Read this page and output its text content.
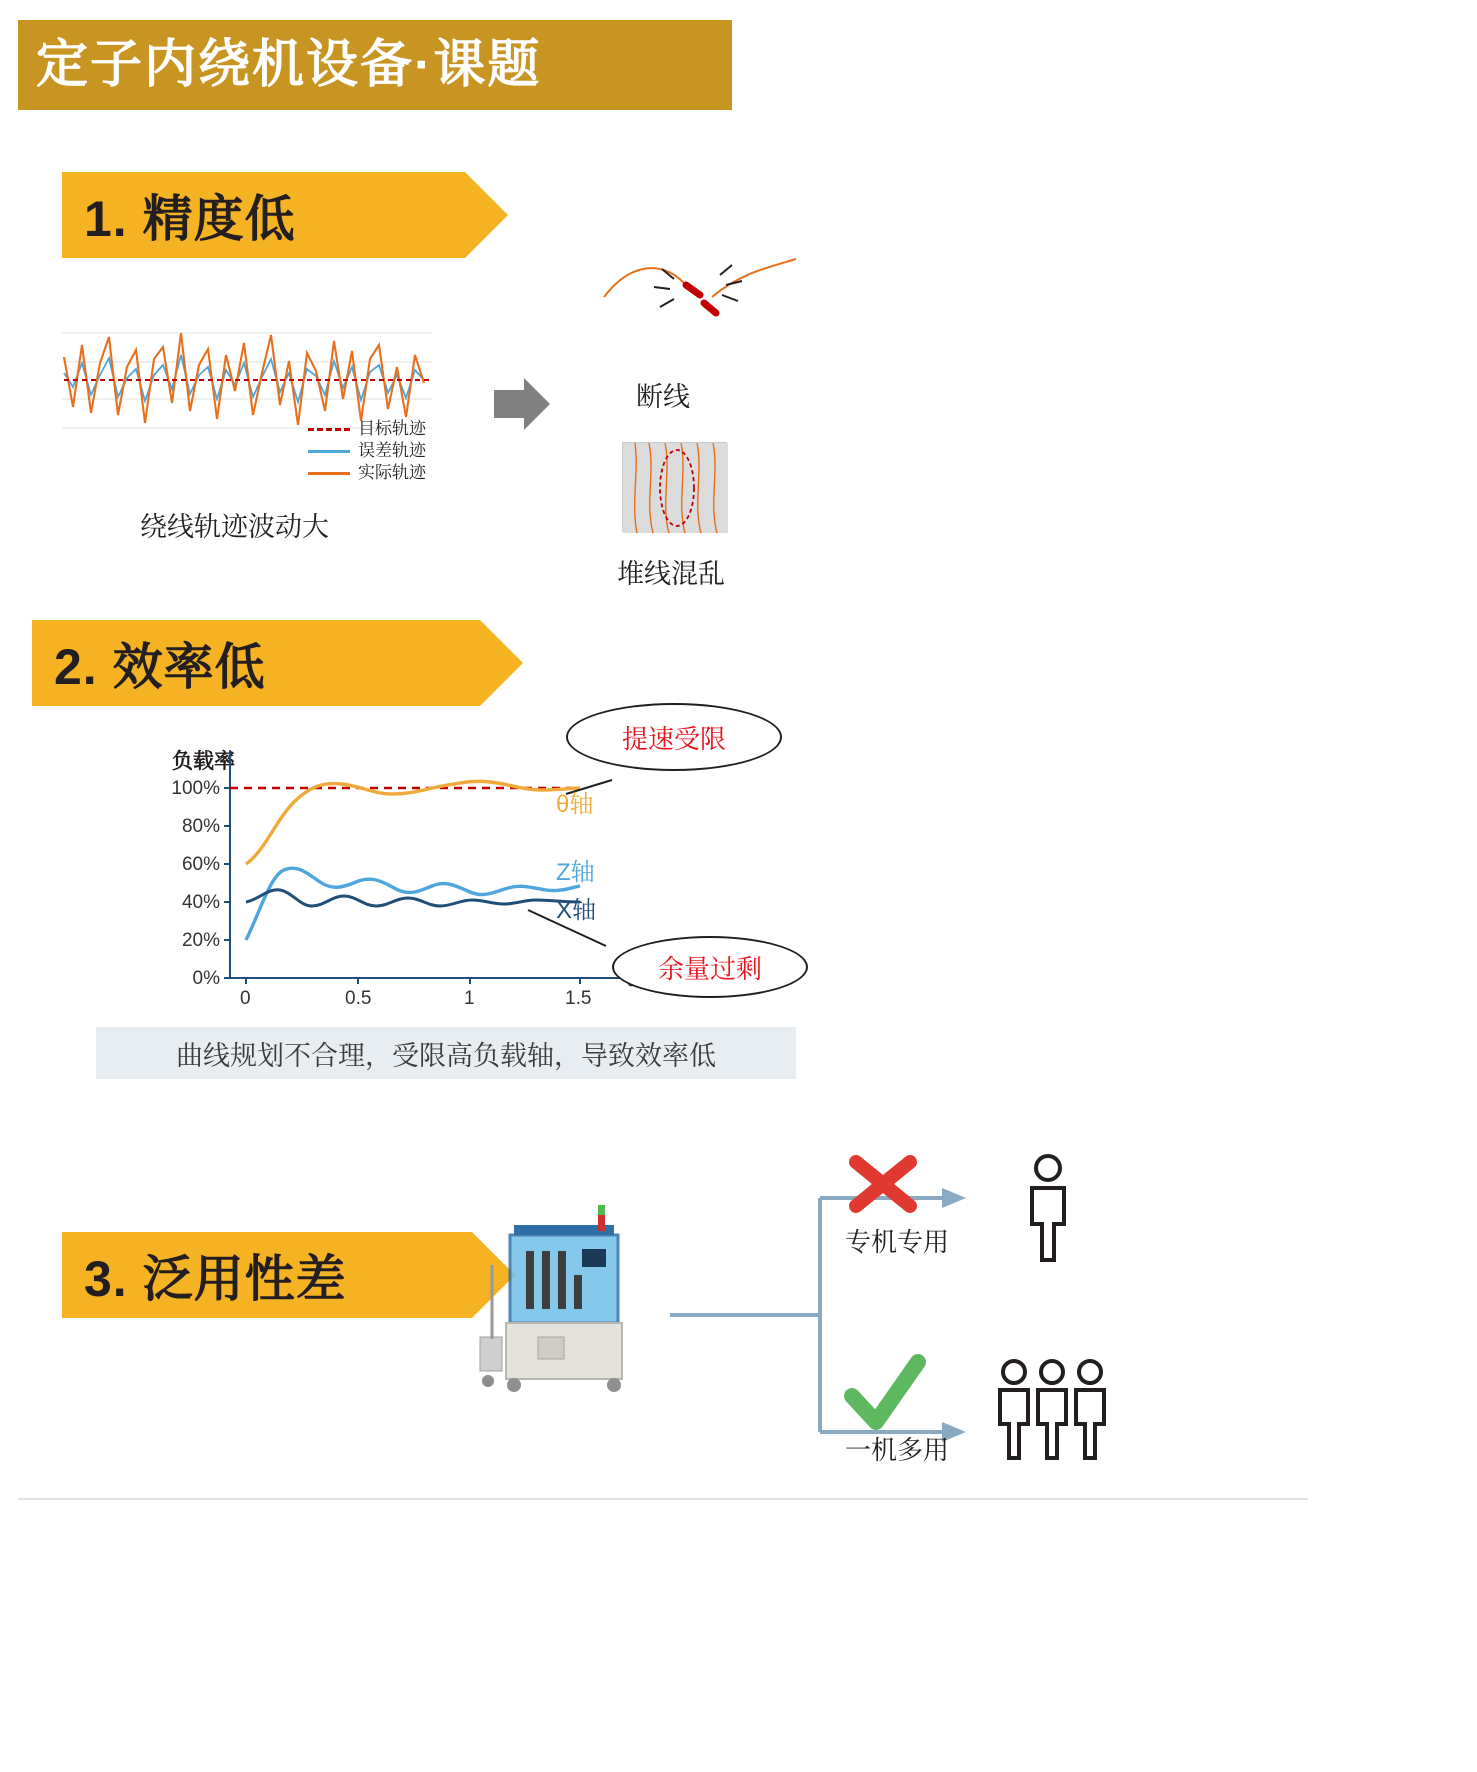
定子内绕机设备·课题
1. 精度低
目标轨迹
误差轨迹
实际轨迹
绕线轨迹波动大
断线
堆线混乱
2. 效率低
负载率
100%
80%
60%
40%
20%
0%
0	0.5	1	1.5
θ轴
Z轴
X轴
提速受限
余量过剩
曲线规划不合理，受限高负载轴，导致效率低
3. 泛用性差
专机专用
一机多用
